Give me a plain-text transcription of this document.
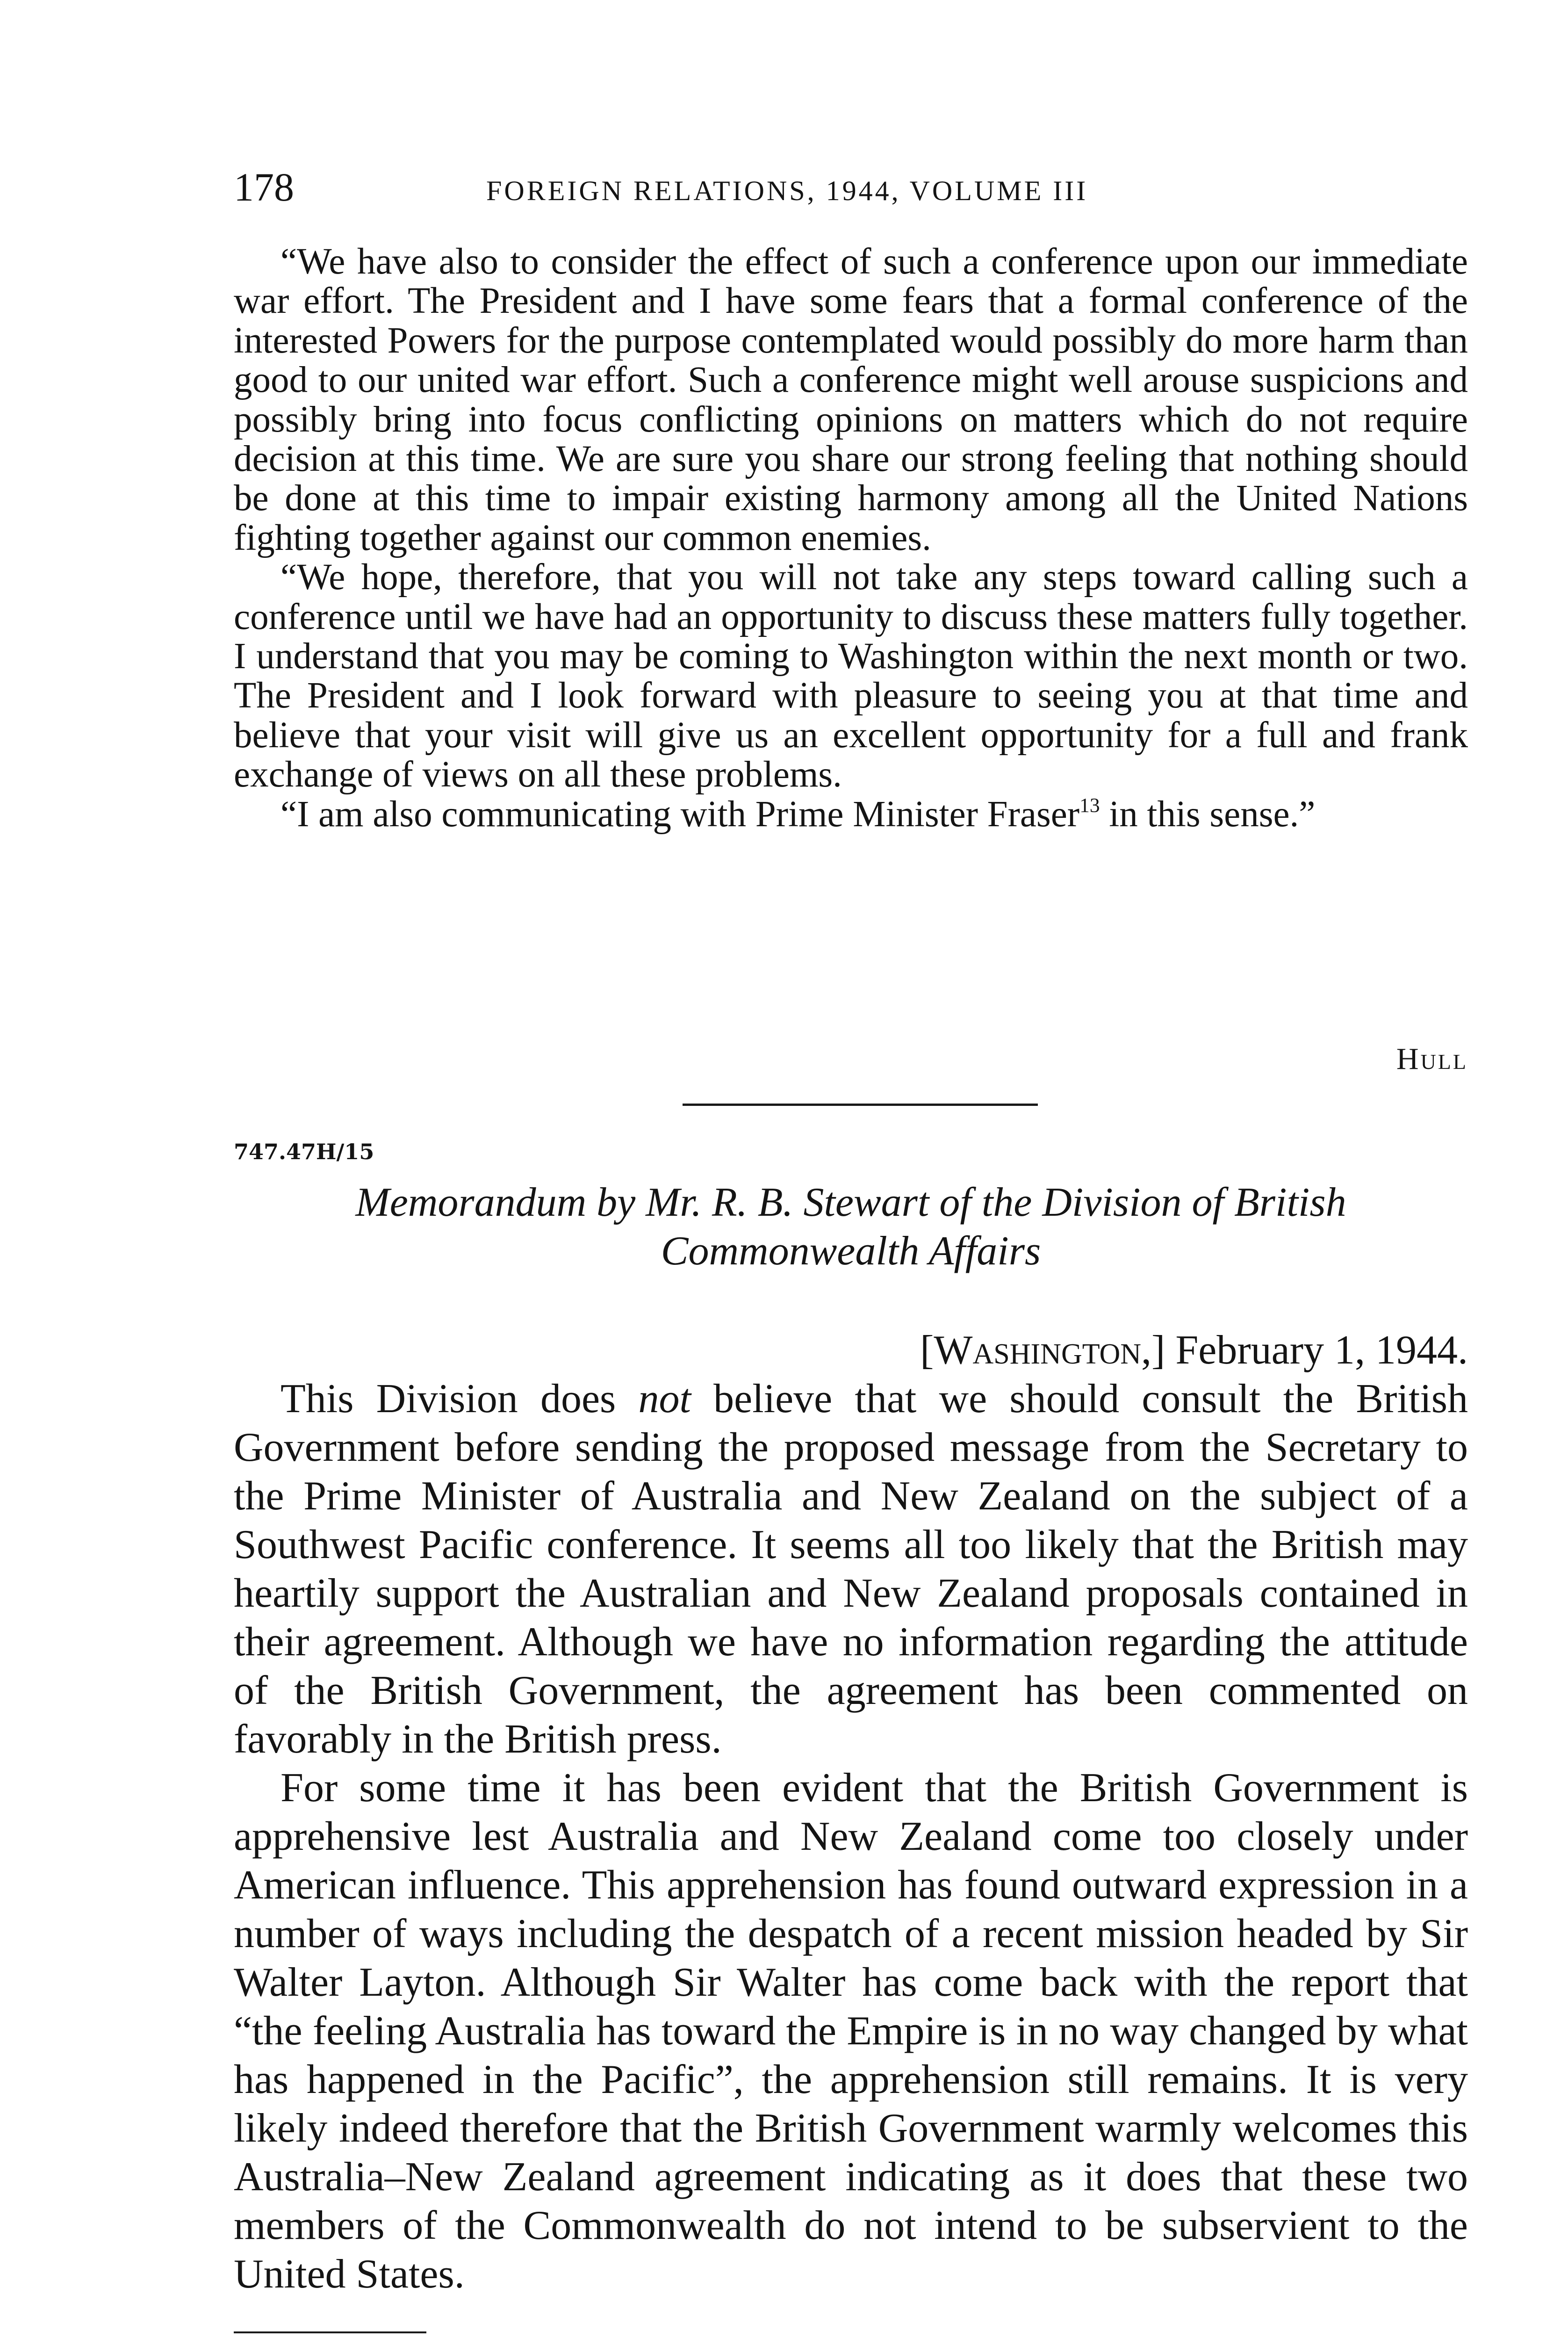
178	FOREIGN RELATIONS, 1944, VOLUME III

“We have also to consider the effect of such a conference upon our immediate war effort. The President and I have some fears that a formal conference of the interested Powers for the purpose contemplated would possibly do more harm than good to our united war effort. Such a conference might well arouse suspicions and possibly bring into focus conflicting opinions on matters which do not require decision at this time. We are sure you share our strong feeling that nothing should be done at this time to impair existing harmony among all the United Nations fighting together against our common enemies.

“We hope, therefore, that you will not take any steps toward calling such a conference until we have had an opportunity to discuss these matters fully together. I understand that you may be coming to Washington within the next month or two. The President and I look forward with pleasure to seeing you at that time and believe that your visit will give us an excellent opportunity for a full and frank exchange of views on all these problems.

“I am also communicating with Prime Minister Fraser$^{13}$ in this sense.”

Hull
747.47H/15
Memorandum by Mr. R. B. Stewart of the Division of British
Commonwealth Affairs
[Washington,] February 1, 1944.

This Division does not believe that we should consult the British Government before sending the proposed message from the Secretary to the Prime Minister of Australia and New Zealand on the subject of a Southwest Pacific conference. It seems all too likely that the British may heartily support the Australian and New Zealand proposals contained in their agreement. Although we have no information regarding the attitude of the British Government, the agreement has been commented on favorably in the British press.

For some time it has been evident that the British Government is apprehensive lest Australia and New Zealand come too closely under American influence. This apprehension has found outward expression in a number of ways including the despatch of a recent mission headed by Sir Walter Layton. Although Sir Walter has come back with the report that “the feeling Australia has toward the Empire is in no way changed by what has happened in the Pacific”, the apprehension still remains. It is very likely indeed therefore that the British Government warmly welcomes this Australia–New Zealand agreement indicating as it does that these two members of the Commonwealth do not intend to be subservient to the United States.
